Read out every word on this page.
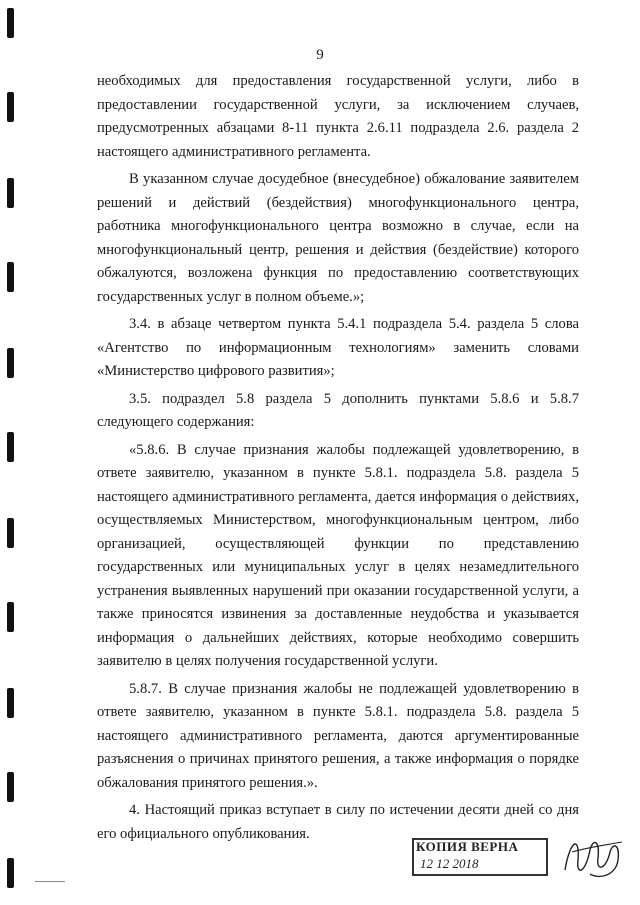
9

необходимых для предоставления государственной услуги, либо в предоставлении государственной услуги, за исключением случаев, предусмотренных абзацами 8-11 пункта 2.6.11 подраздела 2.6. раздела 2 настоящего административного регламента.

В указанном случае досудебное (внесудебное) обжалование заявителем решений и действий (бездействия) многофункционального центра, работника многофункционального центра возможно в случае, если на многофункциональный центр, решения и действия (бездействие) которого обжалуются, возложена функция по предоставлению соответствующих государственных услуг в полном объеме.»;

3.4. в абзаце четвертом пункта 5.4.1 подраздела 5.4. раздела 5 слова «Агентство по информационным технологиям» заменить словами «Министерство цифрового развития»;

3.5. подраздел 5.8 раздела 5 дополнить пунктами 5.8.6 и 5.8.7 следующего содержания:

«5.8.6. В случае признания жалобы подлежащей удовлетворению, в ответе заявителю, указанном в пункте 5.8.1. подраздела 5.8. раздела 5 настоящего административного регламента, дается информация о действиях, осуществляемых Министерством, многофункциональным центром, либо организацией, осуществляющей функции по представлению государственных или муниципальных услуг в целях незамедлительного устранения выявленных нарушений при оказании государственной услуги, а также приносятся извинения за доставленные неудобства и указывается информация о дальнейших действиях, которые необходимо совершить заявителю в целях получения государственной услуги.

5.8.7. В случае признания жалобы не подлежащей удовлетворению в ответе заявителю, указанном в пункте 5.8.1. подраздела 5.8. раздела 5 настоящего административного регламента, даются аргументированные разъяснения о причинах принятого решения, а также информация о порядке обжалования принятого решения.».

4. Настоящий приказ вступает в силу по истечении десяти дней со дня его официального опубликования.

КОПИЯ ВЕРНА
12 12 2018
